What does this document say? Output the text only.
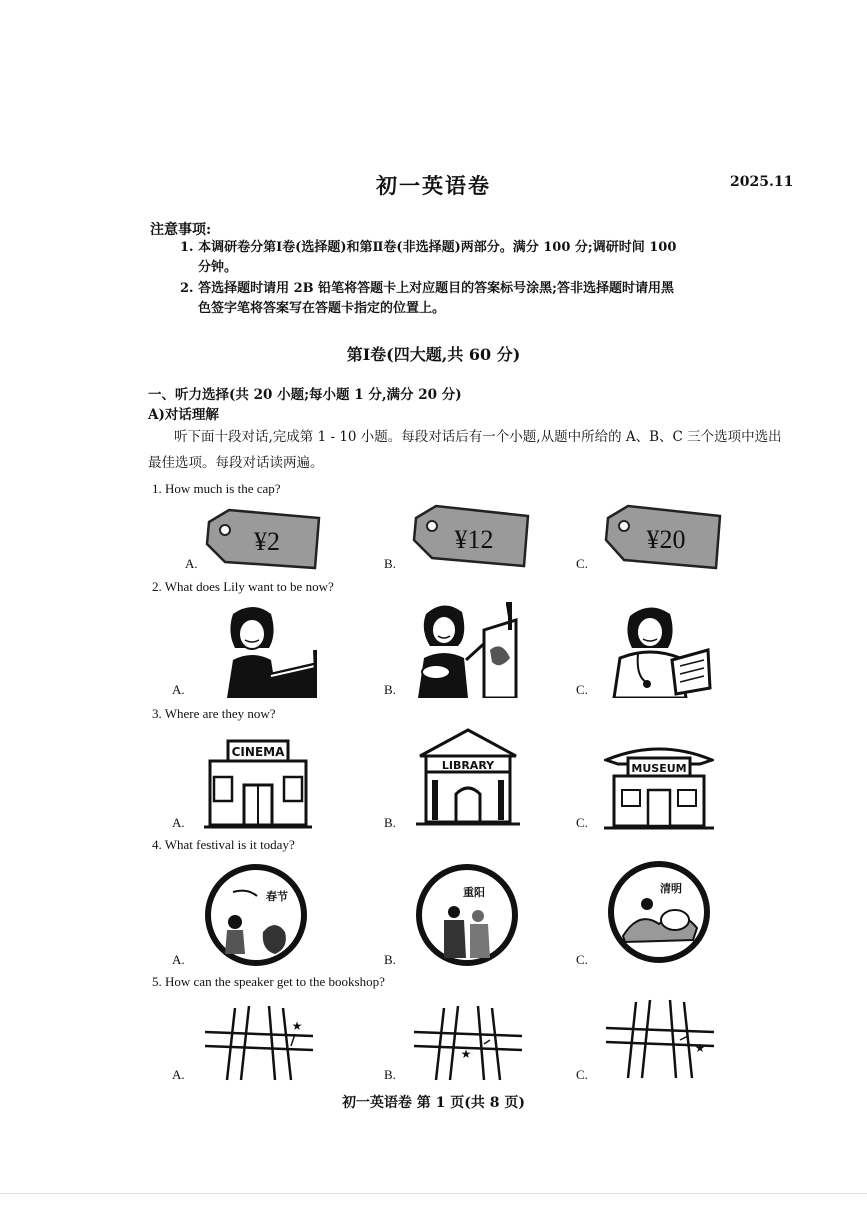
初一英语卷	2025.11
注意事项:
1. 本调研卷分第Ⅰ卷(选择题)和第Ⅱ卷(非选择题)两部分。满分 100 分;调研时间 100
分钟。
2. 答选择题时请用 2B 铅笔将答题卡上对应题目的答案标号涂黑;答非选择题时请用黑
色签字笔将答案写在答题卡指定的位置上。
第Ⅰ卷(四大题,共 60 分)
一、听力选择(共 20 小题;每小题 1 分,满分 20 分)
A)对话理解
听下面十段对话,完成第 1 - 10 小题。每段对话后有一个小题,从题中所给的 A、B、C 三个选项中选出最佳选项。每段对话读两遍。
1. How much is the cap?
A.	B.	C.
¥2	¥12	¥20
2. What does Lily want to be now?
A.	B.	C.
3. Where are they now?
A.	B.	C.
CINEMA
LIBRARY	MUSEUM
4. What festival is it today?
A.	B.	C.
春节	重阳	清明
5. How can the speaker get to the bookshop?
A.	B.	C.
★
★	★
初一英语卷 第 1 页(共 8 页)
